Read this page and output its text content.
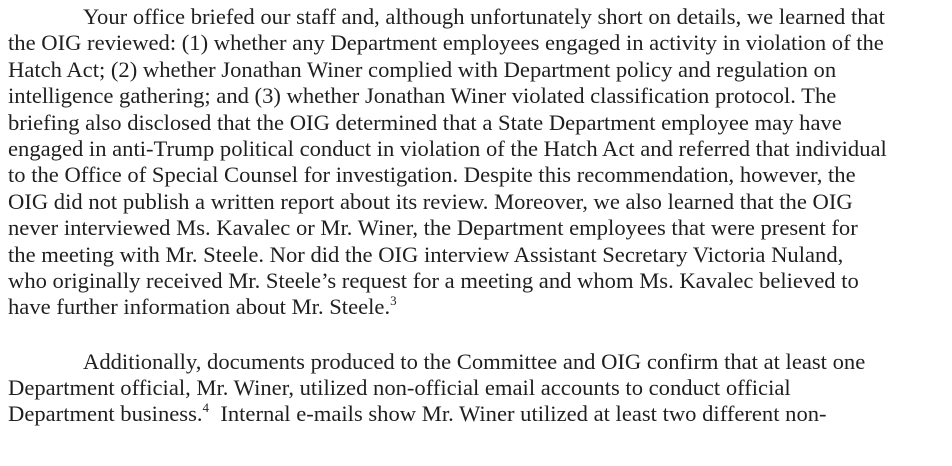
Your office briefed our staff and, although unfortunately short on details, we learned that
the OIG reviewed: (1) whether any Department employees engaged in activity in violation of the
Hatch Act; (2) whether Jonathan Winer complied with Department policy and regulation on
intelligence gathering; and (3) whether Jonathan Winer violated classification protocol. The
briefing also disclosed that the OIG determined that a State Department employee may have
engaged in anti-Trump political conduct in violation of the Hatch Act and referred that individual
to the Office of Special Counsel for investigation. Despite this recommendation, however, the
OIG did not publish a written report about its review. Moreover, we also learned that the OIG
never interviewed Ms. Kavalec or Mr. Winer, the Department employees that were present for
the meeting with Mr. Steele. Nor did the OIG interview Assistant Secretary Victoria Nuland,
who originally received Mr. Steele’s request for a meeting and whom Ms. Kavalec believed to
have further information about Mr. Steele.$^3$
Additionally, documents produced to the Committee and OIG confirm that at least one
Department official, Mr. Winer, utilized non-official email accounts to conduct official
Department business.$^4$  Internal e-mails show Mr. Winer utilized at least two different non-
